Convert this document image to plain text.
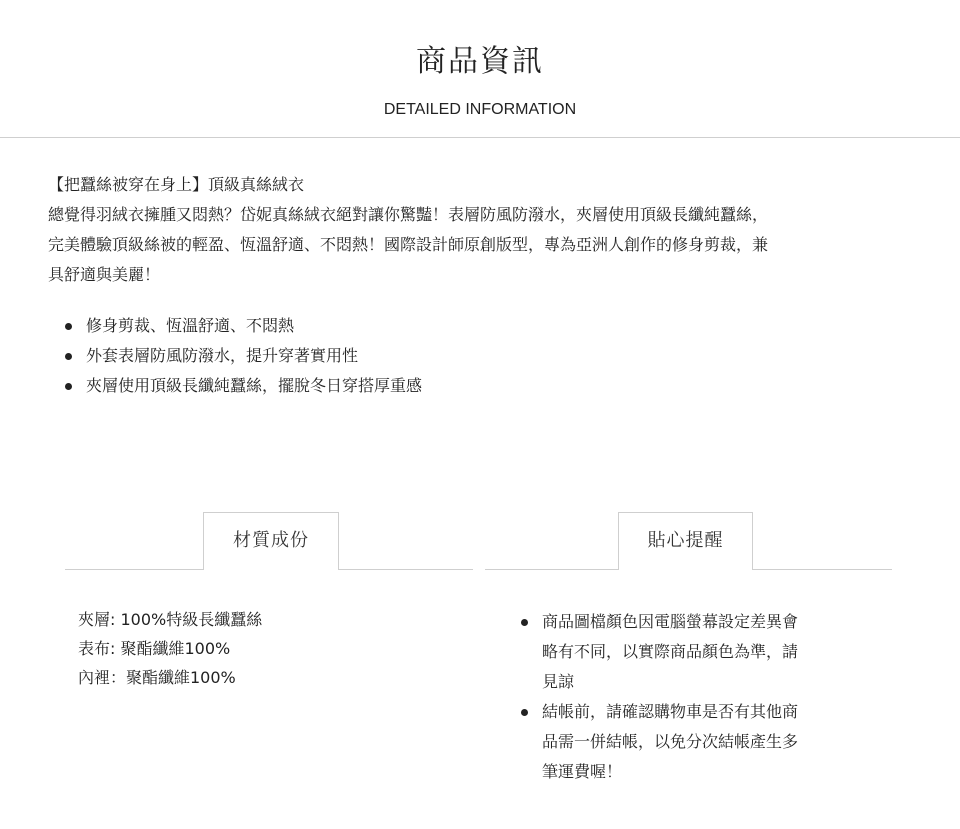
商品資訊
DETAILED INFORMATION

【把蠶絲被穿在身上】頂級真絲絨衣

總覺得羽絨衣擁腫又悶熱？岱妮真絲絨衣絕對讓你驚豔！表層防風防潑水，夾層使用頂級長纖純蠶絲，

完美體驗頂級絲被的輕盈、恆溫舒適、不悶熱！國際設計師原創版型，專為亞洲人創作的修身剪裁，兼

具舒適與美麗！

修身剪裁、恆溫舒適、不悶熱
外套表層防風防潑水，提升穿著實用性
夾層使用頂級長纖純蠶絲，擺脫冬日穿搭厚重感
材質成份
夾層: 100%特級長纖蠶絲
表布: 聚酯纖維100%
內裡：聚酯纖維100%
貼心提醒
商品圖檔顏色因電腦螢幕設定差異會
略有不同，以實際商品顏色為準，請
見諒
結帳前，請確認購物車是否有其他商
品需一併結帳，以免分次結帳產生多
筆運費喔！
